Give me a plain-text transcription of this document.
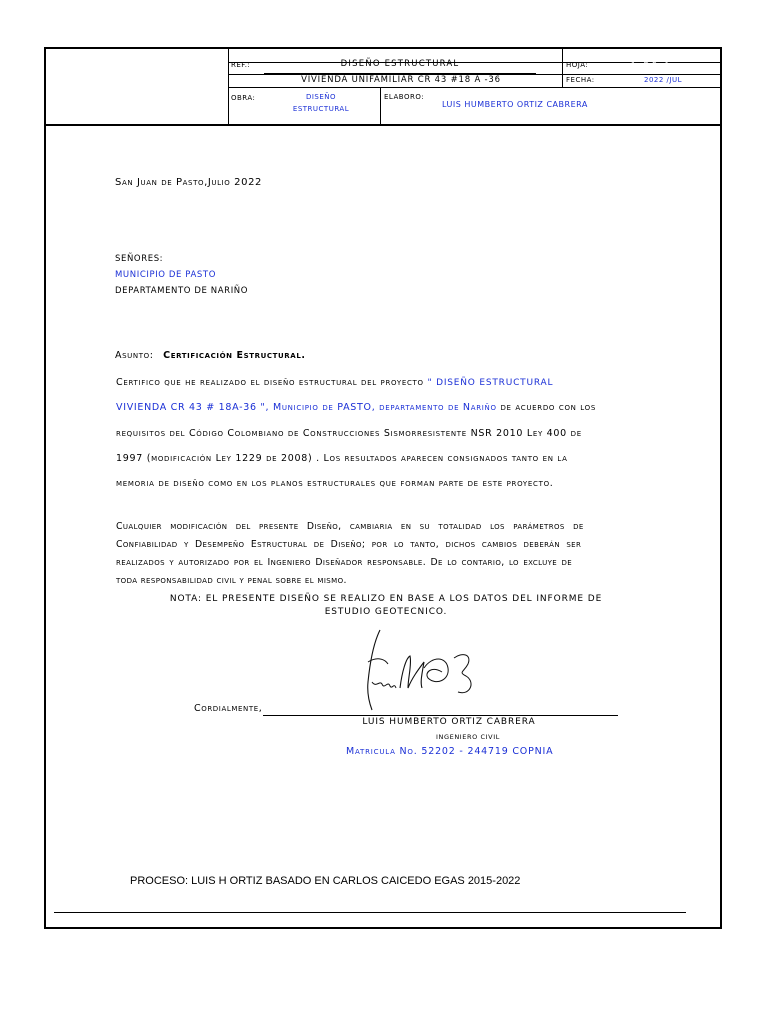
REF.:	DISEÑO ESTRUCTURAL
VIVIENDA UNIFAMILIAR CR 43 #18 A -36
HOJA:	1 DE 1
FECHA:	2022 /JUL
OBRA:	DISEÑO
ESTRUCTURAL
ELABORO:
LUIS HUMBERTO ORTIZ CABRERA
San Juan de Pasto,Julio 2022
SEÑORES:
MUNICIPIO DE PASTO
DEPARTAMENTO DE NARIÑO
Asunto: Certificación Estructural.
Certifico que he realizado el diseño estructural del proyecto " DISEÑO ESTRUCTURAL
VIVIENDA CR 43 # 18A-36 ", Municipio de PASTO, departamento de Nariño de acuerdo con los
requisitos del Código Colombiano de Construcciones Sismorresistente NSR 2010 Ley 400 de
1997 (modificación Ley 1229 de 2008) . Los resultados aparecen consignados tanto en la
memoria de diseño como en los planos estructurales que forman parte de este proyecto.
Cualquier modificación del presente Diseño, cambiaria en su totalidad los parámetros de
Confiabilidad y Desempeño Estructural de Diseño; por lo tanto, dichos cambios deberán ser
realizados y autorizado por el Ingeniero Diseñador responsable. De lo contario, lo excluye de
toda responsabilidad civil y penal sobre el mismo.
NOTA: EL PRESENTE DISEÑO SE REALIZO EN BASE A LOS DATOS DEL INFORME DE
ESTUDIO GEOTECNICO.
Cordialmente,
LUIS HUMBERTO ORTIZ CABRERA
INGENIERO CIVIL
Matricula No. 52202 - 244719 COPNIA
PROCESO: LUIS H ORTIZ BASADO EN CARLOS CAICEDO EGAS 2015-2022
